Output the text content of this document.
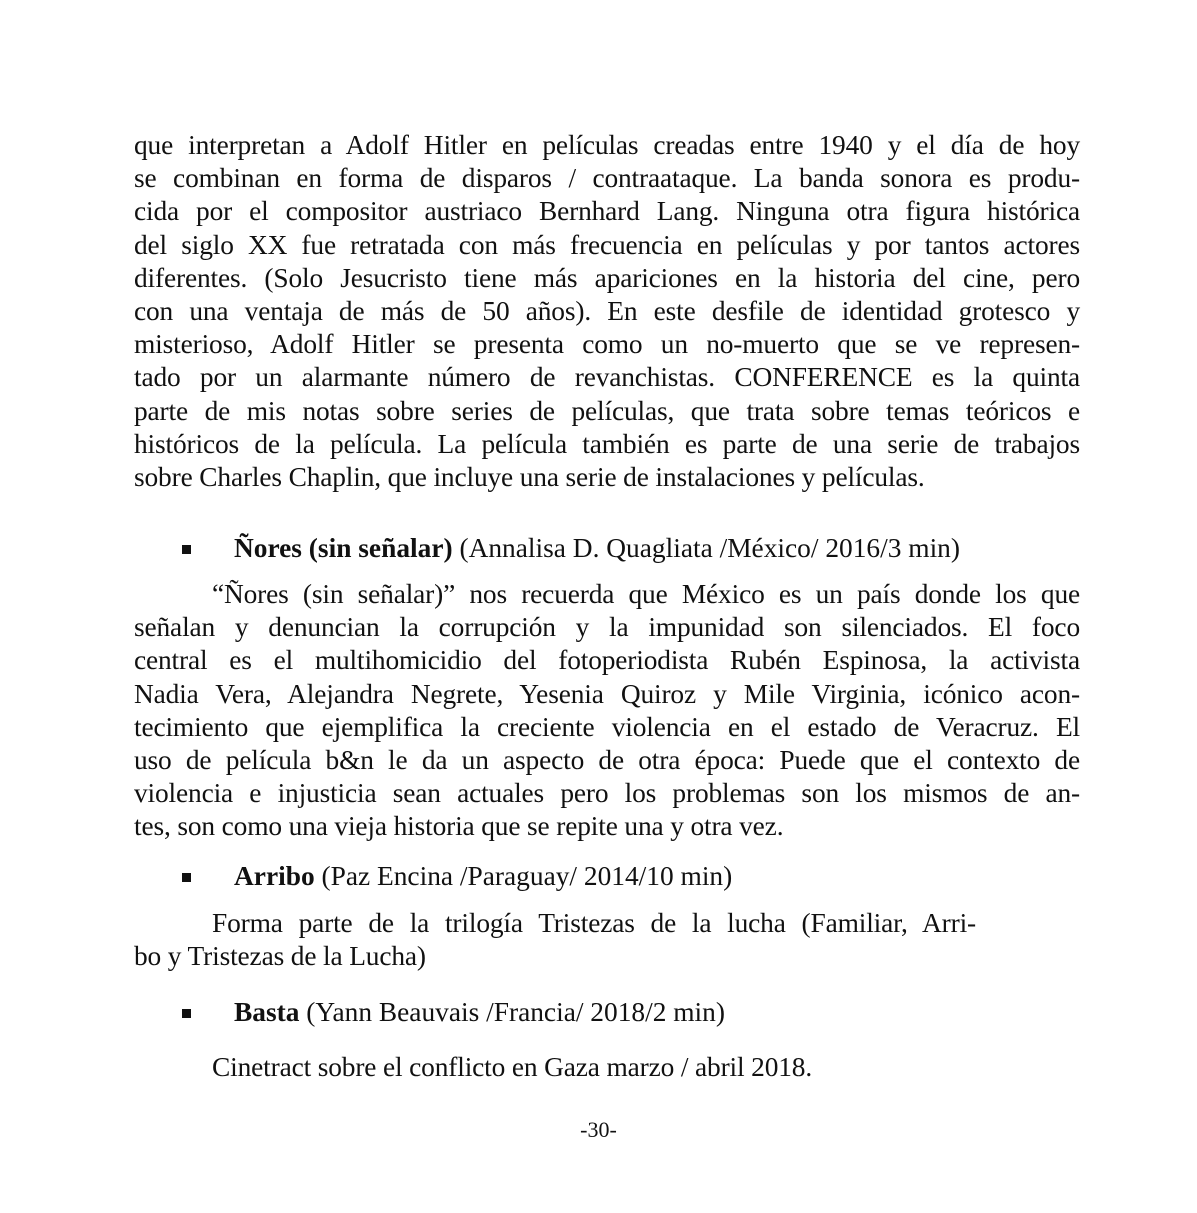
que interpretan a Adolf Hitler en películas creadas entre 1940 y el día de hoy
se combinan en forma de disparos / contraataque. La banda sonora es produ-
cida por el compositor austriaco Bernhard Lang. Ninguna otra figura histórica
del siglo XX fue retratada con más frecuencia en películas y por tantos actores
diferentes. (Solo Jesucristo tiene más apariciones en la historia del cine, pero
con una ventaja de más de 50 años). En este desfile de identidad grotesco y
misterioso, Adolf Hitler se presenta como un no-muerto que se ve represen-
tado por un alarmante número de revanchistas. CONFERENCE es la quinta
parte de mis notas sobre series de películas, que trata sobre temas teóricos e
históricos de la película. La película también es parte de una serie de trabajos
sobre Charles Chaplin, que incluye una serie de instalaciones y películas.
Ñores (sin señalar) (Annalisa D. Quagliata /México/ 2016/3 min)
“Ñores (sin señalar)” nos recuerda que México es un país donde los que
señalan y denuncian la corrupción y la impunidad son silenciados. El foco
central es el multihomicidio del fotoperiodista Rubén Espinosa, la activista
Nadia Vera, Alejandra Negrete, Yesenia Quiroz y Mile Virginia, icónico acon-
tecimiento que ejemplifica la creciente violencia en el estado de Veracruz. El
uso de película b&n le da un aspecto de otra época: Puede que el contexto de
violencia e injusticia sean actuales pero los problemas son los mismos de an-
tes, son como una vieja historia que se repite una y otra vez.
Arribo (Paz Encina /Paraguay/ 2014/10 min)
Forma parte de la trilogía Tristezas de la lucha (Familiar, Arri-
bo y Tristezas de la Lucha)
Basta (Yann Beauvais /Francia/ 2018/2 min)
Cinetract sobre el conflicto en Gaza marzo / abril 2018.
-30-
